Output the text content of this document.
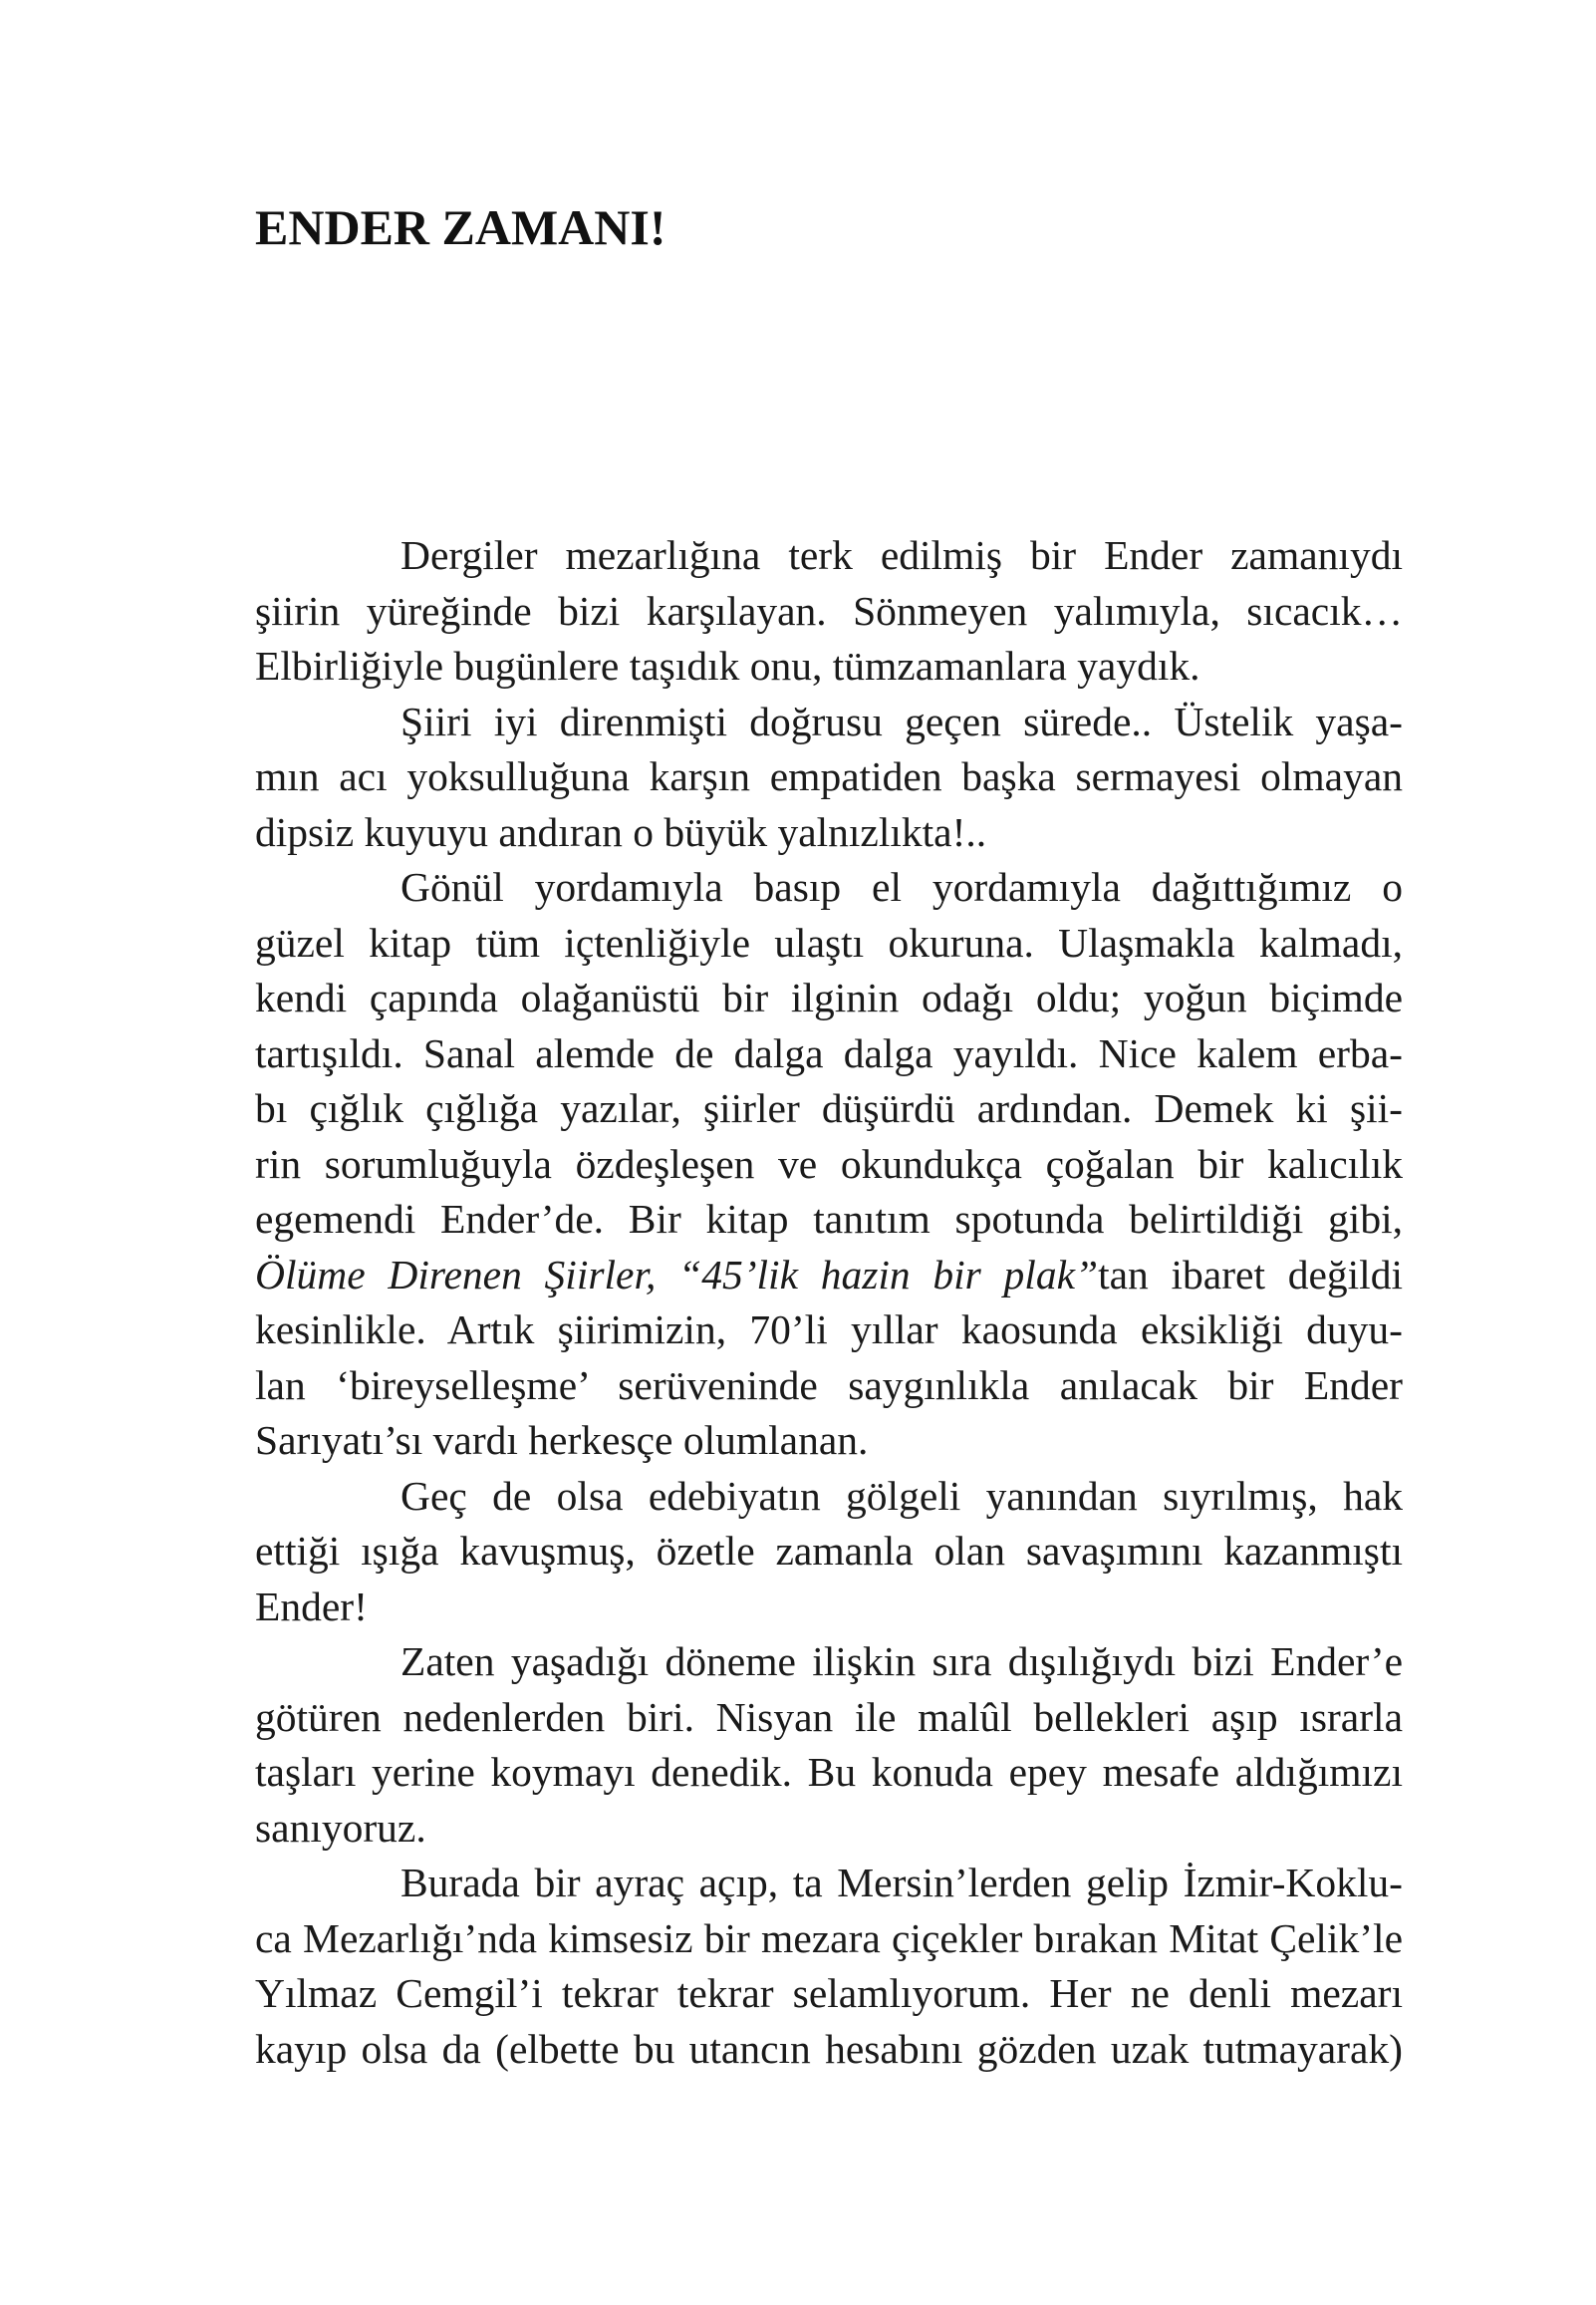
ENDER ZAMANI!
Dergiler mezarlığına terk edilmiş bir Ender zamanıydı
şiirin yüreğinde bizi karşılayan. Sönmeyen yalımıyla, sıcacık…
Elbirliğiyle bugünlere taşıdık onu, tümzamanlara yaydık.
Şiiri iyi direnmişti doğrusu geçen sürede.. Üstelik yaşa-
mın acı yoksulluğuna karşın empatiden başka sermayesi olmayan
dipsiz kuyuyu andıran o büyük yalnızlıkta!..
Gönül yordamıyla basıp el yordamıyla dağıttığımız o
güzel kitap tüm içtenliğiyle ulaştı okuruna. Ulaşmakla kalmadı,
kendi çapında olağanüstü bir ilginin odağı oldu; yoğun biçimde
tartışıldı. Sanal alemde de dalga dalga yayıldı. Nice kalem erba-
bı çığlık çığlığa yazılar, şiirler düşürdü ardından. Demek ki şii-
rin sorumluğuyla özdeşleşen ve okundukça çoğalan bir kalıcılık
egemendi Ender’de. Bir kitap tanıtım spotunda belirtildiği gibi,
Ölüme Direnen Şiirler, “45’lik hazin bir plak”tan ibaret değildi
kesinlikle. Artık şiirimizin, 70’li yıllar kaosunda eksikliği duyu-
lan ‘bireyselleşme’ serüveninde saygınlıkla anılacak bir Ender
Sarıyatı’sı vardı herkesçe olumlanan.
Geç de olsa edebiyatın gölgeli yanından sıyrılmış, hak
ettiği ışığa kavuşmuş, özetle zamanla olan savaşımını kazanmıştı
Ender!
Zaten yaşadığı döneme ilişkin sıra dışılığıydı bizi Ender’e
götüren nedenlerden biri. Nisyan ile malûl bellekleri aşıp ısrarla
taşları yerine koymayı denedik. Bu konuda epey mesafe aldığımızı
sanıyoruz.
Burada bir ayraç açıp, ta Mersin’lerden gelip İzmir-Koklu-
ca Mezarlığı’nda kimsesiz bir mezara çiçekler bırakan Mitat Çelik’le
Yılmaz Cemgil’i tekrar tekrar selamlıyorum. Her ne denli mezarı
kayıp olsa da (elbette bu utancın hesabını gözden uzak tutmayarak)
